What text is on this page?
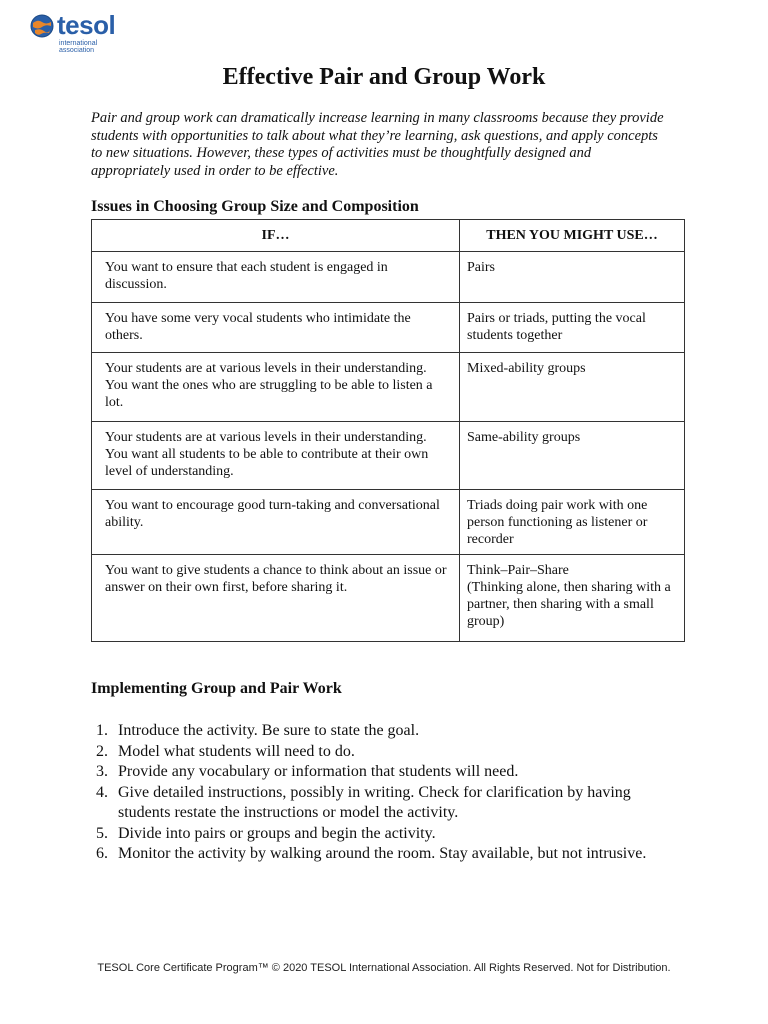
tesol
international
association
Effective Pair and Group Work
Pair and group work can dramatically increase learning in many classrooms because they provide students with opportunities to talk about what they’re learning, ask questions, and apply concepts to new situations. However, these types of activities must be thoughtfully designed and appropriately used in order to be effective.
Issues in Choosing Group Size and Composition
IF…	THEN YOU MIGHT USE…
You want to ensure that each student is engaged in discussion.	Pairs
You have some very vocal students who intimidate the others.	Pairs or triads, putting the vocal students together
Your students are at various levels in their understanding. You want the ones who are struggling to be able to listen a lot.	Mixed-ability groups
Your students are at various levels in their understanding. You want all students to be able to contribute at their own level of understanding.	Same-ability groups
You want to encourage good turn-taking and conversational ability.	Triads doing pair work with one person functioning as listener or recorder
You want to give students a chance to think about an issue or answer on their own first, before sharing it.	Think–Pair–Share
(Thinking alone, then sharing with a partner, then sharing with a small group)
Implementing Group and Pair Work
1. Introduce the activity. Be sure to state the goal.
2. Model what students will need to do.
3. Provide any vocabulary or information that students will need.
4. Give detailed instructions, possibly in writing. Check for clarification by having students restate the instructions or model the activity.
5. Divide into pairs or groups and begin the activity.
6. Monitor the activity by walking around the room. Stay available, but not intrusive.
TESOL Core Certificate Program™ © 2020 TESOL International Association. All Rights Reserved. Not for Distribution.
